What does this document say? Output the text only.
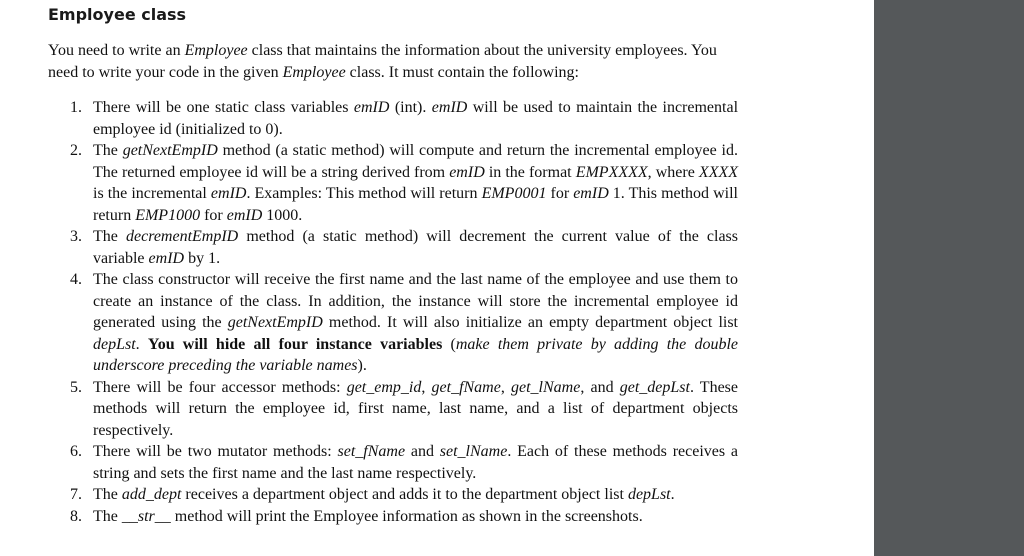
Employee class

You need to write an Employee class that maintains the information about the university employees. You need to write your code in the given Employee class. It must contain the following:

1. There will be one static class variables emID (int). emID will be used to maintain the incremental employee id (initialized to 0).
2. The getNextEmpID method (a static method) will compute and return the incremental employee id. The returned employee id will be a string derived from emID in the format EMPXXXX, where XXXX is the incremental emID. Examples: This method will return EMP0001 for emID 1. This method will return EMP1000 for emID 1000.
3. The decrementEmpID method (a static method) will decrement the current value of the class variable emID by 1.
4. The class constructor will receive the first name and the last name of the employee and use them to create an instance of the class. In addition, the instance will store the incremental employee id generated using the getNextEmpID method. It will also initialize an empty department object list depLst. You will hide all four instance variables (make them private by adding the double underscore preceding the variable names).
5. There will be four accessor methods: get_emp_id, get_fName, get_lName, and get_depLst. These methods will return the employee id, first name, last name, and a list of department objects respectively.
6. There will be two mutator methods: set_fName and set_lName. Each of these methods receives a string and sets the first name and the last name respectively.
7. The add_dept receives a department object and adds it to the department object list depLst.
8. The __str__ method will print the Employee information as shown in the screenshots.
